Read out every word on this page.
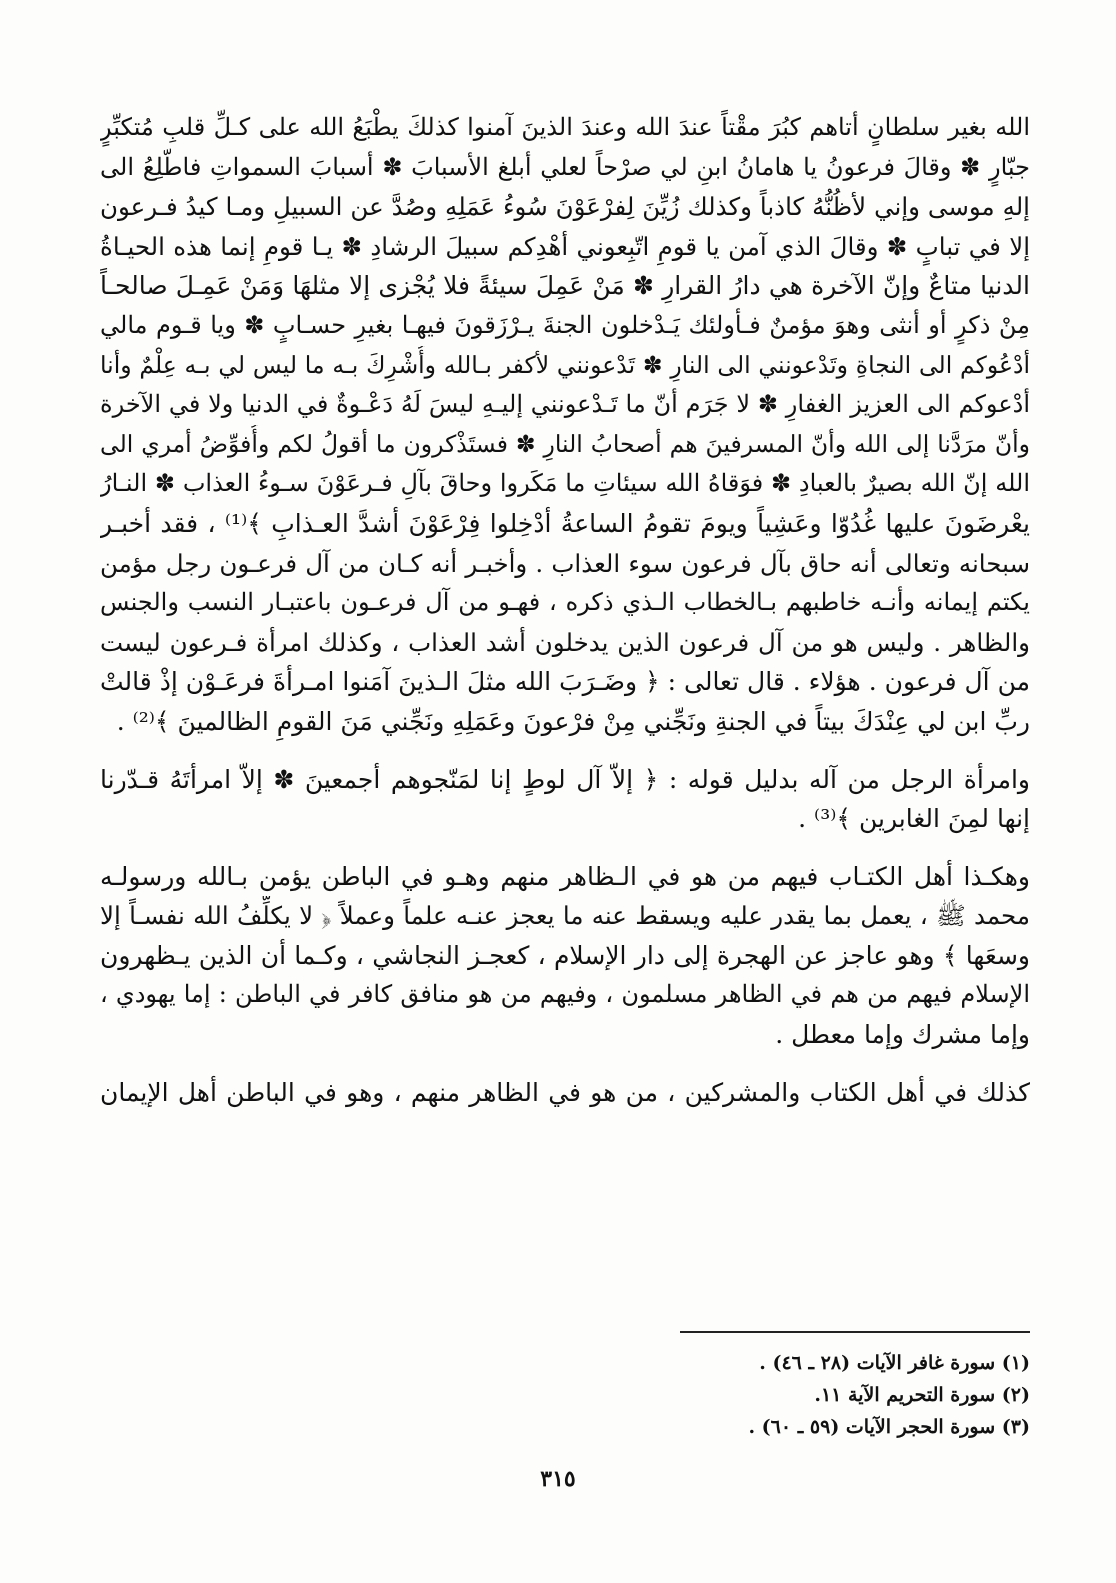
الله بغير سلطانٍ أتاهم كبُرَ مقْتاً عندَ الله وعندَ الذينَ آمنوا كذلكَ يطْبَعُ الله على كـلِّ قلبِ مُتكبِّرٍ
جبّارٍ ✽ وقالَ فرعونُ يا هامانُ ابنِ لي صرْحاً لعلي أبلغ الأسبابَ ✽ أسبابَ السمواتِ فاطّلِعُ الى
إلهِ موسى وإني لأظُنُّهُ كاذباً وكذلك زُيِّنَ لِفرْعَوْنَ سُوءُ عَمَلِهِ وصُدَّ عن السبيلِ ومـا كيدُ فـرعون
إلا في تبابٍ ✽ وقالَ الذي آمن يا قومِ اتّبِعوني أهْدِكم سبيلَ الرشادِ ✽ يـا قومِ إنما هذه الحيـاةُ
الدنيا متاعٌ وإنّ الآخرة هي دارُ القرارِ ✽ مَنْ عَمِلَ سيئةً فلا يُجْزى إلا مثلهَا وَمَنْ عَمِـلَ صالحـاً
مِنْ ذكرٍ أو أنثى وهوَ مؤمنٌ فـأولئك يَـدْخلون الجنةَ يـرْزَقونَ فيهـا بغيرِ حسـابٍ ✽ ويا قـوم مالي
أدْعُوكم الى النجاةِ وتَدْعونني الى النارِ ✽ تَدْعونني لأكفر بـالله وأُشْرِكَ بـه ما ليس لي بـه عِلْمٌ وأنا
أدْعوكم الى العزيز الغفارِ ✽ لا جَرَم أنّ ما تَـدْعونني إليـهِ ليسَ لَهُ دَعْـوةٌ في الدنيا ولا في الآخرة
وأنّ مرَدَّنا إلى الله وأنّ المسرفينَ هم أصحابُ النارِ ✽ فستَذْكرون ما أقولُ لكم وأُفوِّضُ أمري الى
الله إنّ الله بصيرٌ بالعبادِ ✽ فوَقاهُ الله سيئاتِ ما مَكَروا وحاقَ بآلِ فـرعَوْنَ سـوءُ العذاب ✽ النـارُ
يعْرضَونَ عليها غُدُوّا وعَشِياً ويومَ تقومُ الساعةُ أدْخِلوا فِرْعَوْنَ أشدَّ العـذابِ ﴾⁽¹⁾ ، فقد أخبـر
سبحانه وتعالى أنه حاق بآل فرعون سوء العذاب . وأخبـر أنه كـان من آل فرعـون رجل مؤمن
يكتم إيمانه وأنـه خاطبهم بـالخطاب الـذي ذكره ، فهـو من آل فرعـون باعتبـار النسب والجنس
والظاهر . وليس هو من آل فرعون الذين يدخلون أشد العذاب ، وكذلك امرأة فـرعون ليست
من آل فرعون . هؤلاء . قال تعالى : ﴿ وضَـرَبَ الله مثلَ الـذينَ آمَنوا امـرأةَ فرعَـوْن إذْ قالتْ
ربِّ ابن لي عِنْدَكَ بيتاً في الجنةِ ونَجِّني مِنْ فرْعونَ وعَمَلِهِ ونَجِّني مَنَ القومِ الظالمينَ ﴾⁽²⁾ .
وامرأة الرجل من آله بدليل قوله : ﴿ إلاّ آل لوطٍ إنا لمَنّجوهم أجمعينَ ✽ إلاّ امرأتَهُ قـدّرنا
إنها لمِنَ الغابرين ﴾⁽³⁾ .
وهكـذا أهل الكتـاب فيهم من هو في الـظاهر منهم وهـو في الباطن يؤمن بـالله ورسولـه
محمد ﷺ ، يعمل بما يقدر عليه ويسقط عنه ما يعجز عنـه علماً وعملاً ﴿ لا يكلِّفُ الله نفسـاً إلا
وسعَها ﴾ وهو عاجز عن الهجرة إلى دار الإسلام ، كعجـز النجاشي ، وكـما أن الذين يـظهرون
الإسلام فيهم من هم في الظاهر مسلمون ، وفيهم من هو منافق كافر في الباطن : إما يهودي ،
وإما مشرك وإما معطل .
كذلك في أهل الكتاب والمشركين ، من هو في الظاهر منهم ، وهو في الباطن أهل الإيمان
(١) سورة غافر الآيات (٢٨ ـ ٤٦) .
(٢) سورة التحريم الآية ١١.
(٣) سورة الحجر الآيات (٥٩ ـ ٦٠) .
٣١٥
